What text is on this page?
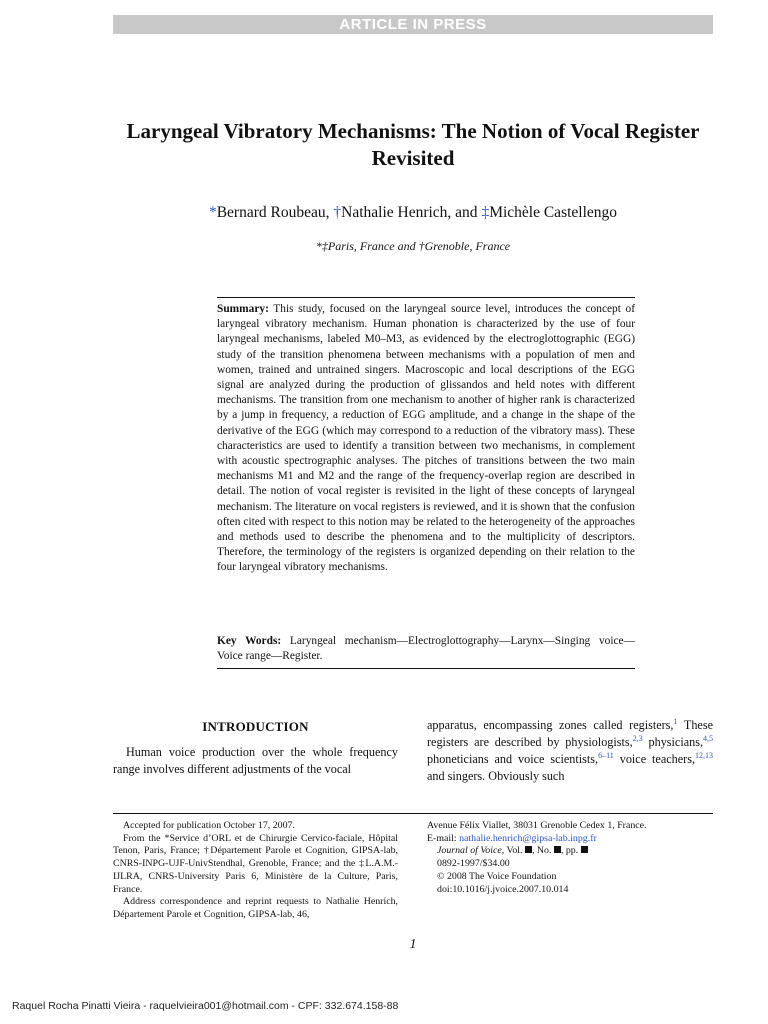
ARTICLE IN PRESS
Laryngeal Vibratory Mechanisms: The Notion of Vocal Register Revisited
*Bernard Roubeau, †Nathalie Henrich, and ‡Michèle Castellengo
*‡Paris, France and †Grenoble, France

Summary: This study, focused on the laryngeal source level, introduces the concept of laryngeal vibratory mechanism. Human phonation is characterized by the use of four laryngeal mechanisms, labeled M0–M3, as evidenced by the electroglottographic (EGG) study of the transition phenomena between mechanisms with a population of men and women, trained and untrained singers. Macroscopic and local descriptions of the EGG signal are analyzed during the production of glissandos and held notes with different mechanisms. The transition from one mechanism to another of higher rank is characterized by a jump in frequency, a reduction of EGG amplitude, and a change in the shape of the derivative of the EGG (which may correspond to a reduction of the vibratory mass). These characteristics are used to identify a transition between two mechanisms, in complement with acoustic spectrographic analyses. The pitches of transitions between the two main mechanisms M1 and M2 and the range of the frequency-overlap region are described in detail. The notion of vocal register is revisited in the light of these concepts of laryngeal mechanism. The literature on vocal registers is reviewed, and it is shown that the confusion often cited with respect to this notion may be related to the heterogeneity of the approaches and methods used to describe the phenomena and to the multiplicity of descriptors. Therefore, the terminology of the registers is organized depending on their relation to the four laryngeal vibratory mechanisms.

Key Words: Laryngeal mechanism—Electroglottography—Larynx—Singing voice—Voice range—Register.

INTRODUCTION

Human voice production over the whole frequency range involves different adjustments of the vocal

apparatus, encompassing zones called registers,$^1$ These registers are described by physiologists,$^{2,3}$ physicians,$^{4,5}$ phoneticians and voice scientists,$^{6-11}$ voice teachers,$^{12,13}$ and singers. Obviously such

Accepted for publication October 17, 2007.

From the *Service d’ORL et de Chirurgie Cervico-faciale, Hôpital Tenon, Paris, France; †Département Parole et Cognition, GIPSA-lab, CNRS-INPG-UJF-UnivStendhal, Grenoble, France; and the ‡L.A.M.-IJLRA, CNRS-University Paris 6, Ministère de la Culture, Paris, France.

Address correspondence and reprint requests to Nathalie Henrich, Département Parole et Cognition, GIPSA-lab, 46,

Avenue Félix Viallet, 38031 Grenoble Cedex 1, France.

E-mail: nathalie.henrich@gipsa-lab.inpg.fr

Journal of Voice, Vol. , No. , pp.

0892-1997/$34.00

© 2008 The Voice Foundation

doi:10.1016/j.jvoice.2007.10.014

1
Raquel Rocha Pinatti Vieira - raquelvieira001@hotmail.com - CPF: 332.674.158-88
